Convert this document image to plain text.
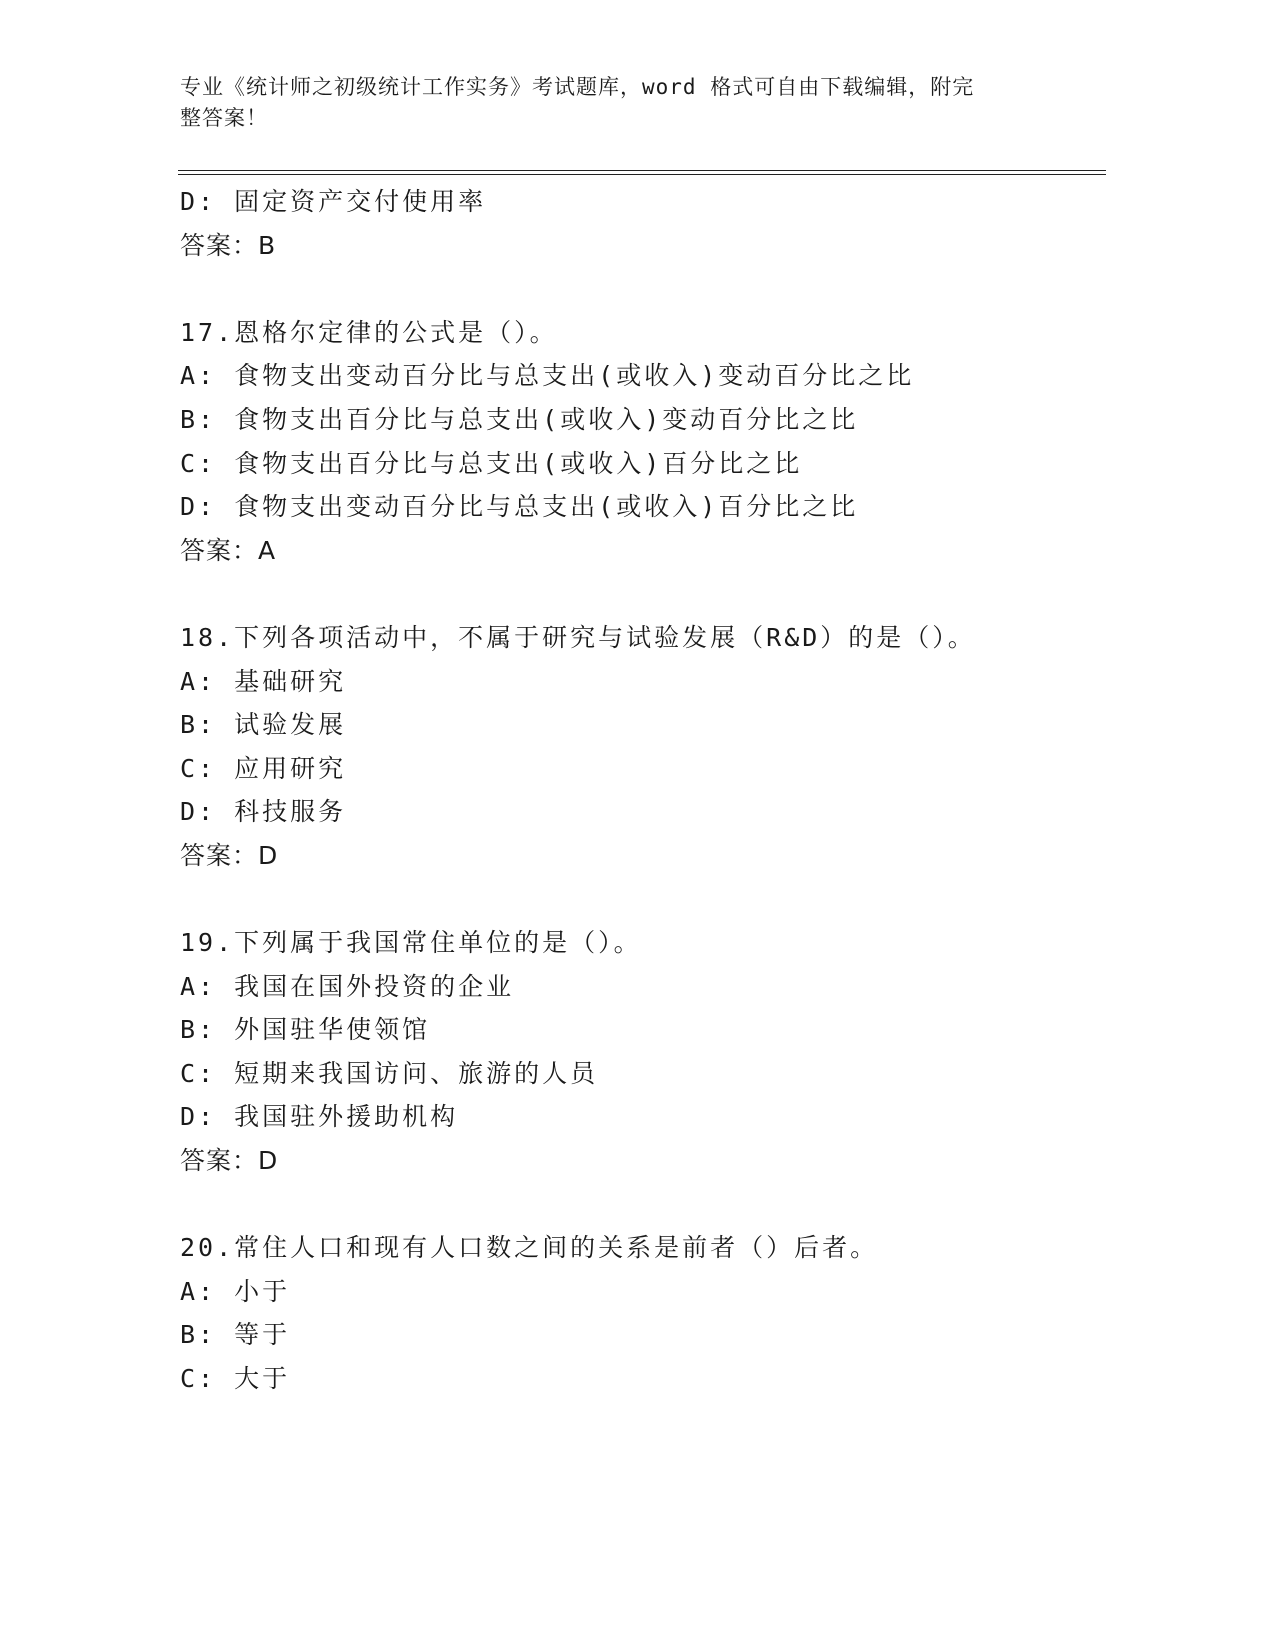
专业《统计师之初级统计工作实务》考试题库，word 格式可自由下载编辑，附完
整答案！
D: 固定资产交付使用率
答案：B
17.恩格尔定律的公式是（）。
A: 食物支出变动百分比与总支出(或收入)变动百分比之比
B: 食物支出百分比与总支出(或收入)变动百分比之比
C: 食物支出百分比与总支出(或收入)百分比之比
D: 食物支出变动百分比与总支出(或收入)百分比之比
答案：A
18.下列各项活动中，不属于研究与试验发展（R&D）的是（）。
A: 基础研究
B: 试验发展
C: 应用研究
D: 科技服务
答案：D
19.下列属于我国常住单位的是（）。
A: 我国在国外投资的企业
B: 外国驻华使领馆
C: 短期来我国访问、旅游的人员
D: 我国驻外援助机构
答案：D
20.常住人口和现有人口数之间的关系是前者（）后者。
A: 小于
B: 等于
C: 大于
